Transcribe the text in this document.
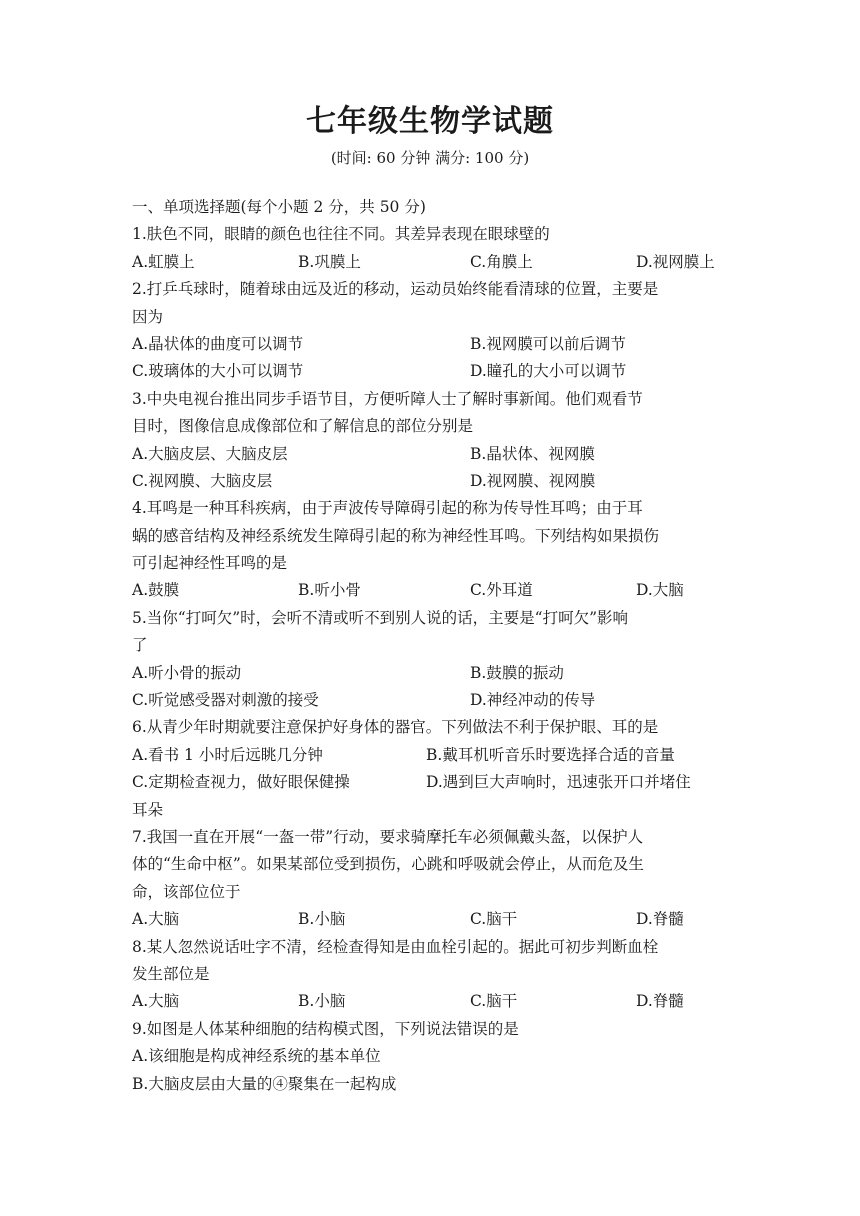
七年级生物学试题
(时间: 60 分钟 满分: 100 分)
一、单项选择题(每个小题 2 分，共 50 分)
1.肤色不同，眼睛的颜色也往往不同。其差异表现在眼球壁的
A.虹膜上	B.巩膜上	C.角膜上	D.视网膜上
2.打乒乓球时，随着球由远及近的移动，运动员始终能看清球的位置，主要是
因为
A.晶状体的曲度可以调节	B.视网膜可以前后调节
C.玻璃体的大小可以调节	D.瞳孔的大小可以调节
3.中央电视台推出同步手语节目，方便听障人士了解时事新闻。他们观看节
目时，图像信息成像部位和了解信息的部位分别是
A.大脑皮层、大脑皮层	B.晶状体、视网膜
C.视网膜、大脑皮层	D.视网膜、视网膜
4.耳鸣是一种耳科疾病，由于声波传导障碍引起的称为传导性耳鸣；由于耳
蜗的感音结构及神经系统发生障碍引起的称为神经性耳鸣。下列结构如果损伤
可引起神经性耳鸣的是
A.鼓膜	B.听小骨	C.外耳道	D.大脑
5.当你“打呵欠”时，会听不清或听不到别人说的话，主要是“打呵欠”影响
了
A.听小骨的振动	B.鼓膜的振动
C.听觉感受器对刺激的接受	D.神经冲动的传导
6.从青少年时期就要注意保护好身体的器官。下列做法不利于保护眼、耳的是
A.看书 1 小时后远眺几分钟	B.戴耳机听音乐时要选择合适的音量
C.定期检查视力，做好眼保健操	D.遇到巨大声响时，迅速张开口并堵住
耳朵
7.我国一直在开展“一盔一带”行动，要求骑摩托车必须佩戴头盔，以保护人
体的“生命中枢”。如果某部位受到损伤，心跳和呼吸就会停止，从而危及生
命，该部位位于
A.大脑	B.小脑	C.脑干	D.脊髓
8.某人忽然说话吐字不清，经检查得知是由血栓引起的。据此可初步判断血栓
发生部位是
A.大脑	B.小脑	C.脑干	D.脊髓
9.如图是人体某种细胞的结构模式图，下列说法错误的是
A.该细胞是构成神经系统的基本单位
B.大脑皮层由大量的④聚集在一起构成
